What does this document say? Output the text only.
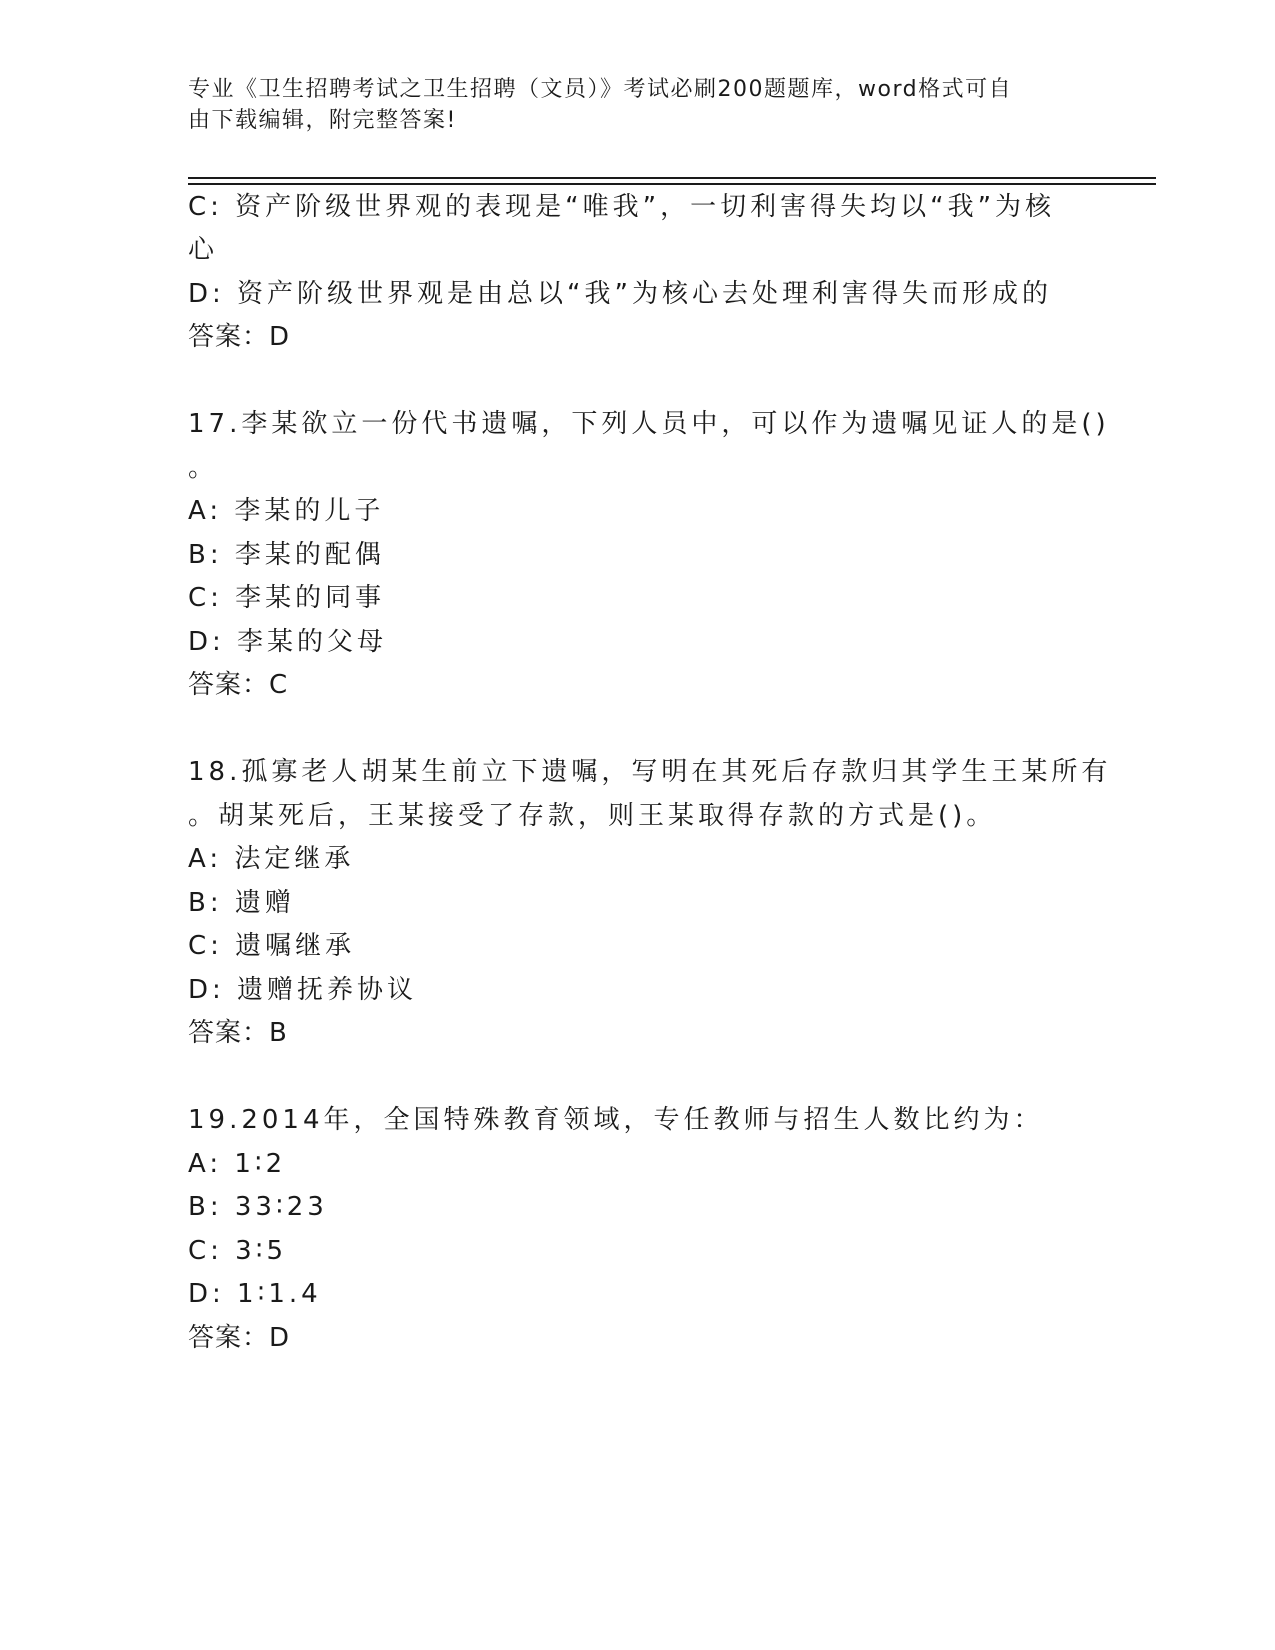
专业《卫生招聘考试之卫生招聘（文员）》考试必刷200题题库，word格式可自
由下载编辑，附完整答案!

C: 资产阶级世界观的表现是“唯我”，一切利害得失均以“我”为核

心

D: 资产阶级世界观是由总以“我”为核心去处理利害得失而形成的

答案：D

17.李某欲立一份代书遗嘱，下列人员中，可以作为遗嘱见证人的是()

。

A: 李某的儿子

B: 李某的配偶

C: 李某的同事

D: 李某的父母

答案：C

18.孤寡老人胡某生前立下遗嘱，写明在其死后存款归其学生王某所有

。胡某死后，王某接受了存款，则王某取得存款的方式是()。

A: 法定继承

B: 遗赠

C: 遗嘱继承

D: 遗赠抚养协议

答案：B

19.2014年，全国特殊教育领域，专任教师与招生人数比约为：

A: 1∶2

B: 33∶23

C: 3∶5

D: 1∶1.4

答案：D
